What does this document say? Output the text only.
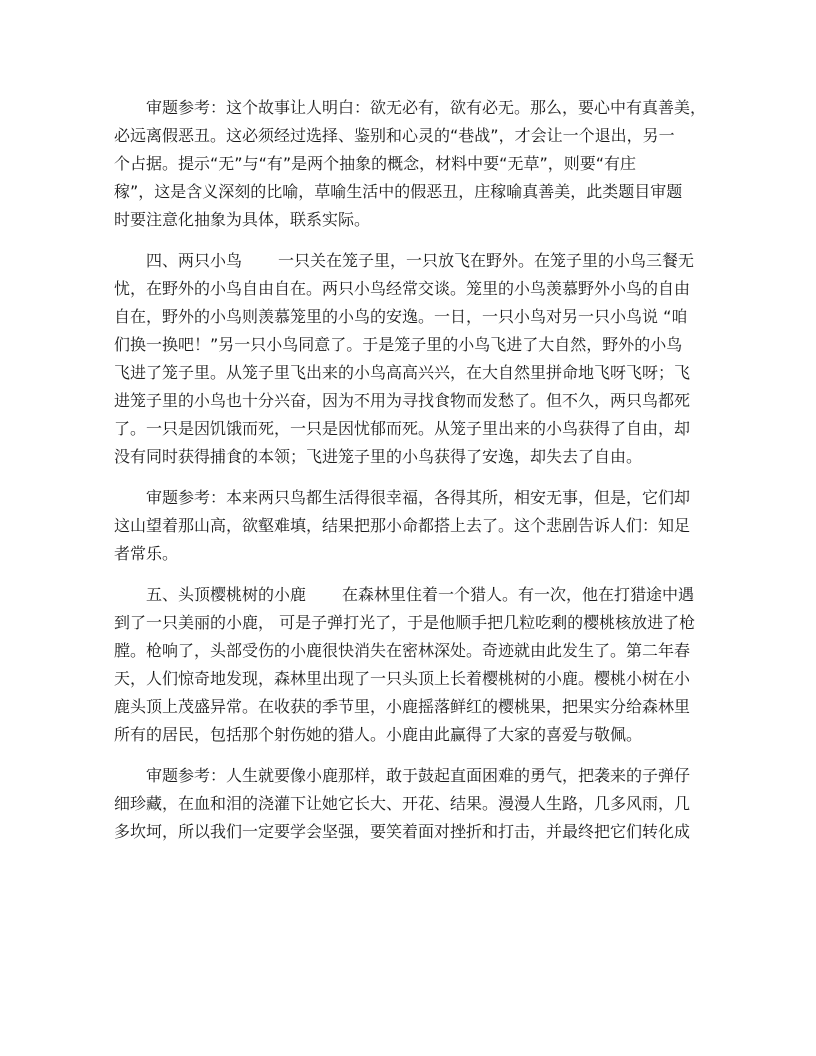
审题参考：这个故事让人明白：欲无必有，欲有必无。那么，要心中有真善美，
必远离假恶丑。这必须经过选择、鉴别和心灵的“巷战”，才会让一个退出，另一
个占据。提示“无”与“有”是两个抽象的概念，材料中要“无草”，则要“有庄
稼”，这是含义深刻的比喻，草喻生活中的假恶丑，庄稼喻真善美，此类题目审题
时要注意化抽象为具体，联系实际。
四、两只小鸟 一只关在笼子里，一只放飞在野外。在笼子里的小鸟三餐无
忧，在野外的小鸟自由自在。两只小鸟经常交谈。笼里的小鸟羡慕野外小鸟的自由
自在，野外的小鸟则羡慕笼里的小鸟的安逸。一日，一只小鸟对另一只小鸟说 “咱
们换一换吧！”另一只小鸟同意了。于是笼子里的小鸟飞进了大自然，野外的小鸟
飞进了笼子里。从笼子里飞出来的小鸟高高兴兴，在大自然里拼命地飞呀飞呀；飞
进笼子里的小鸟也十分兴奋，因为不用为寻找食物而发愁了。但不久，两只鸟都死
了。一只是因饥饿而死，一只是因忧郁而死。从笼子里出来的小鸟获得了自由，却
没有同时获得捕食的本领；飞进笼子里的小鸟获得了安逸，却失去了自由。
审题参考：本来两只鸟都生活得很幸福，各得其所，相安无事，但是，它们却
这山望着那山高，欲壑难填，结果把那小命都搭上去了。这个悲剧告诉人们：知足
者常乐。
五、头顶樱桃树的小鹿 在森林里住着一个猎人。有一次，他在打猎途中遇
到了一只美丽的小鹿， 可是子弹打光了，于是他顺手把几粒吃剩的樱桃核放进了枪
膛。枪响了，头部受伤的小鹿很快消失在密林深处。奇迹就由此发生了。第二年春
天，人们惊奇地发现，森林里出现了一只头顶上长着樱桃树的小鹿。樱桃小树在小
鹿头顶上茂盛异常。在收获的季节里，小鹿摇落鲜红的樱桃果，把果实分给森林里
所有的居民，包括那个射伤她的猎人。小鹿由此赢得了大家的喜爱与敬佩。
审题参考：人生就要像小鹿那样，敢于鼓起直面困难的勇气，把袭来的子弹仔
细珍藏，在血和泪的浇灌下让她它长大、开花、结果。漫漫人生路，几多风雨，几
多坎坷，所以我们一定要学会坚强，要笑着面对挫折和打击，并最终把它们转化成
